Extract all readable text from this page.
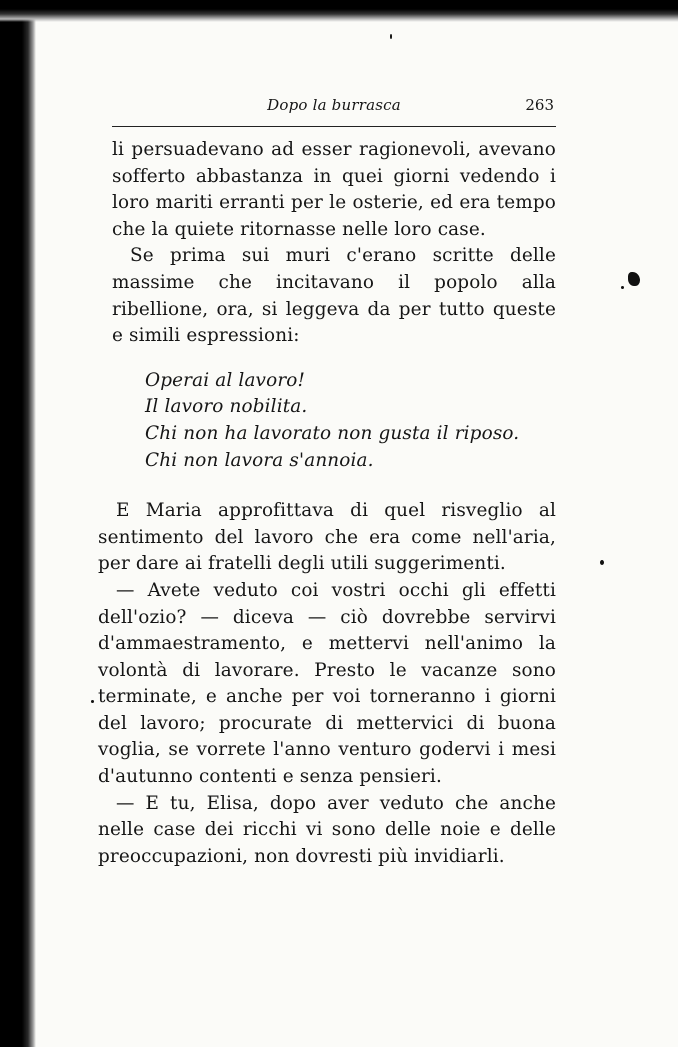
Dopo la burrasca	263

li persuadevano ad esser ragionevoli, avevano sofferto abbastanza in quei giorni vedendo i loro mariti erranti per le osterie, ed era tempo che la quiete ritornasse nelle loro case.

Se prima sui muri c'erano scritte delle massime che incitavano il popolo alla ribellione, ora, si leggeva da per tutto queste e simili espressioni:

Operai al lavoro!
Il lavoro nobilita.
Chi non ha lavorato non gusta il riposo.
Chi non lavora s'annoia.

E Maria approfittava di quel risveglio al sentimento del lavoro che era come nell'aria, per dare ai fratelli degli utili suggerimenti.

— Avete veduto coi vostri occhi gli effetti dell'ozio? — diceva — ciò dovrebbe servirvi d'ammaestramento, e mettervi nell'animo la volontà di lavorare. Presto le vacanze sono terminate, e anche per voi torneranno i giorni del lavoro; procurate di mettervici di buona voglia, se vorrete l'anno venturo godervi i mesi d'autunno contenti e senza pensieri.

— E tu, Elisa, dopo aver veduto che anche nelle case dei ricchi vi sono delle noie e delle preoccupazioni, non dovresti più invidiarli.
